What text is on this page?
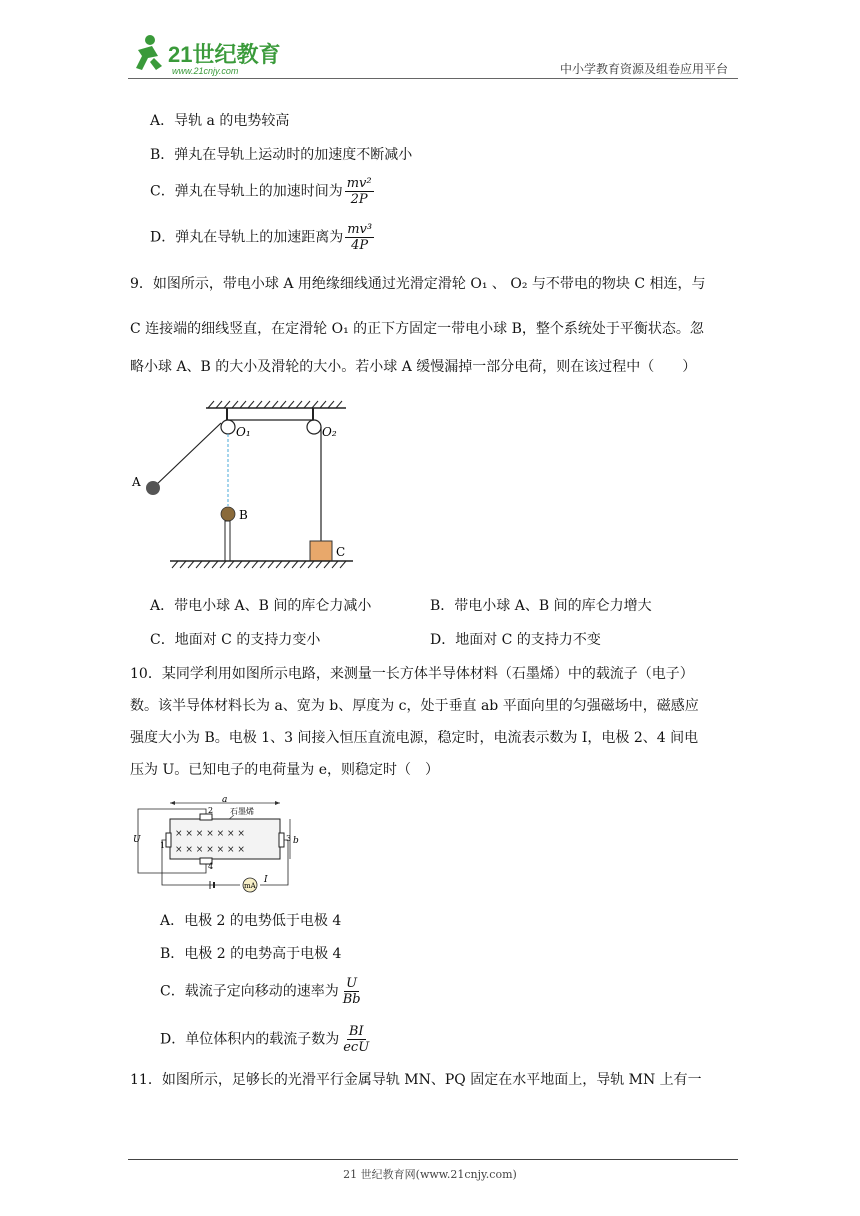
21世纪教育
www.21cnjy.com	中小学教育资源及组卷应用平台
A．导轨 a 的电势较高
B．弹丸在导轨上运动时的加速度不断减小
C．弹丸在导轨上的加速时间为 $\frac{\text{mv²}}{2P}$
D．弹丸在导轨上的加速距离为 $\frac{\text{mv³}}{4P}$
9．如图所示，带电小球 A 用绝缘细线通过光滑定滑轮 O₁ 、 O₂ 与不带电的物块 C 相连，与
C 连接端的细线竖直，在定滑轮 O₁ 的正下方固定一带电小球 B，整个系统处于平衡状态。忽
略小球 A、B 的大小及滑轮的大小。若小球 A 缓慢漏掉一部分电荷，则在该过程中（　　）
A
B
C
O₁	O₂
A．带电小球 A、B 间的库仑力减小	B．带电小球 A、B 间的库仑力增大
C．地面对 C 的支持力变小	D．地面对 C 的支持力不变
10．某同学利用如图所示电路，来测量一长方体半导体材料（石墨烯）中的载流子（电子）
数。该半导体材料长为 a、宽为 b、厚度为 c，处于垂直 ab 平面向里的匀强磁场中，磁感应
强度大小为 B。电极 1、3 间接入恒压直流电源，稳定时，电流表示数为 I，电极 2、4 间电
压为 U。已知电子的电荷量为 e，则稳定时（　）
a
石墨烯
× × × × × × ×
× × × × × × ×
1
3
2
4
b
U
mA
I
A．电极 2 的电势低于电极 4
B．电极 2 的电势高于电极 4
C．载流子定向移动的速率为 $\frac{U}{Bb}$
D．单位体积内的载流子数为 $\frac{BI}{\text{ecU}}$
11．如图所示，足够长的光滑平行金属导轨 MN、PQ 固定在水平地面上，导轨 MN 上有一
21 世纪教育网(www.21cnjy.com)
